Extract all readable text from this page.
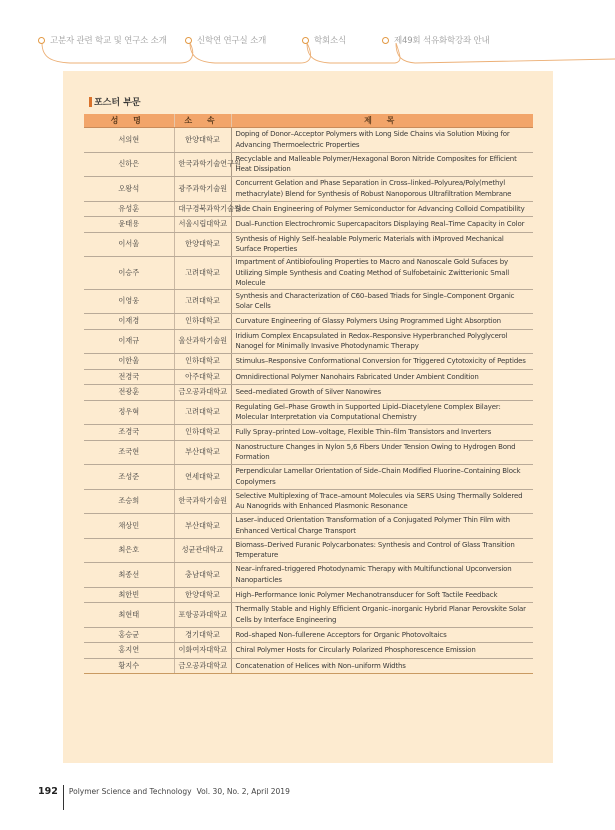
고분자 관련 학교 및 연구소 소개	신학연 연구실 소개	학회소식	제49회 석유화학강좌 안내
포스터 부문
성 명	소 속	제 목
서의현	한양대학교	Doping of Donor–Acceptor Polymers with Long Side Chains via Solution Mixing for Advancing Thermoelectric Properties
신하은	한국과학기술연구원	Recyclable and Malleable Polymer/Hexagonal Boron Nitride Composites for Efficient Heat Dissipation
오왕석	광주과학기술원	Concurrent Gelation and Phase Separation in Cross–linked–Polyurea/Poly(methyl methacrylate) Blend for Synthesis of Robust Nanoporous Ultrafiltration Membrane
유성훈	대구경북과학기술원	Side Chain Engineering of Polymer Semiconductor for Advancing Colloid Compatibility
윤태용	서울시립대학교	Dual–Function Electrochromic Supercapacitors Displaying Real–Time Capacity in Color
이서울	한양대학교	Synthesis of Highly Self–healable Polymeric Materials with iMproved Mechanical Surface Properties
이승주	고려대학교	Impartment of Antibiofouling Properties to Macro and Nanoscale Gold Sufaces by Utilizing Simple Synthesis and Coating Method of Sulfobetainic Zwitterionic Small Molecule
이영웅	고려대학교	Synthesis and Characterization of C60–based Triads for Single–Component Organic Solar Cells
이재경	인하대학교	Curvature Engineering of Glassy Polymers Using Programmed Light Absorption
이재규	울산과학기술원	Iridium Complex Encapsulated in Redox–Responsive Hyperbranched Polyglycerol Nanogel for Minimally Invasive Photodynamic Therapy
이한울	인하대학교	Stimulus–Responsive Conformational Conversion for Triggered Cytotoxicity of Peptides
전경국	아주대학교	Omnidirectional Polymer Nanohairs Fabricated Under Ambient Condition
전광훈	금오공과대학교	Seed–mediated Growth of Silver Nanowires
정우혁	고려대학교	Regulating Gel–Phase Growth in Supported Lipid–Diacetylene Complex Bilayer: Molecular Interpretation via Computational Chemistry
조경국	인하대학교	Fully Spray–printed Low–voltage, Flexible Thin–film Transistors and Inverters
조국현	부산대학교	Nanostructure Changes in Nylon 5,6 Fibers Under Tension Owing to Hydrogen Bond Formation
조성준	연세대학교	Perpendicular Lamellar Orientation of Side–Chain Modified Fluorine–Containing Block Copolymers
조승희	한국과학기술원	Selective Multiplexing of Trace–amount Molecules via SERS Using Thermally Soldered Au Nanogrids with Enhanced Plasmonic Resonance
채상민	부산대학교	Laser–induced Orientation Transformation of a Conjugated Polymer Thin Film with Enhanced Vertical Charge Transport
최은호	성균관대학교	Biomass–Derived Furanic Polycarbonates: Synthesis and Control of Glass Transition Temperature
최종선	충남대학교	Near–infrared–triggered Photodynamic Therapy with Multifunctional Upconversion Nanoparticles
최한빈	한양대학교	High–Performance Ionic Polymer Mechanotransducer for Soft Tactile Feedback
최현태	포항공과대학교	Thermally Stable and Highly Efficient Organic–inorganic Hybrid Planar Perovskite Solar Cells by Interface Engineering
홍승균	경기대학교	Rod–shaped Non–fullerene Acceptors for Organic Photovoltaics
홍지연	이화여자대학교	Chiral Polymer Hosts for Circularly Polarized Phosphorescence Emission
황지수	금오공과대학교	Concatenation of Helices with Non–uniform Widths
192 Polymer Science and Technology Vol. 30, No. 2, April 2019
